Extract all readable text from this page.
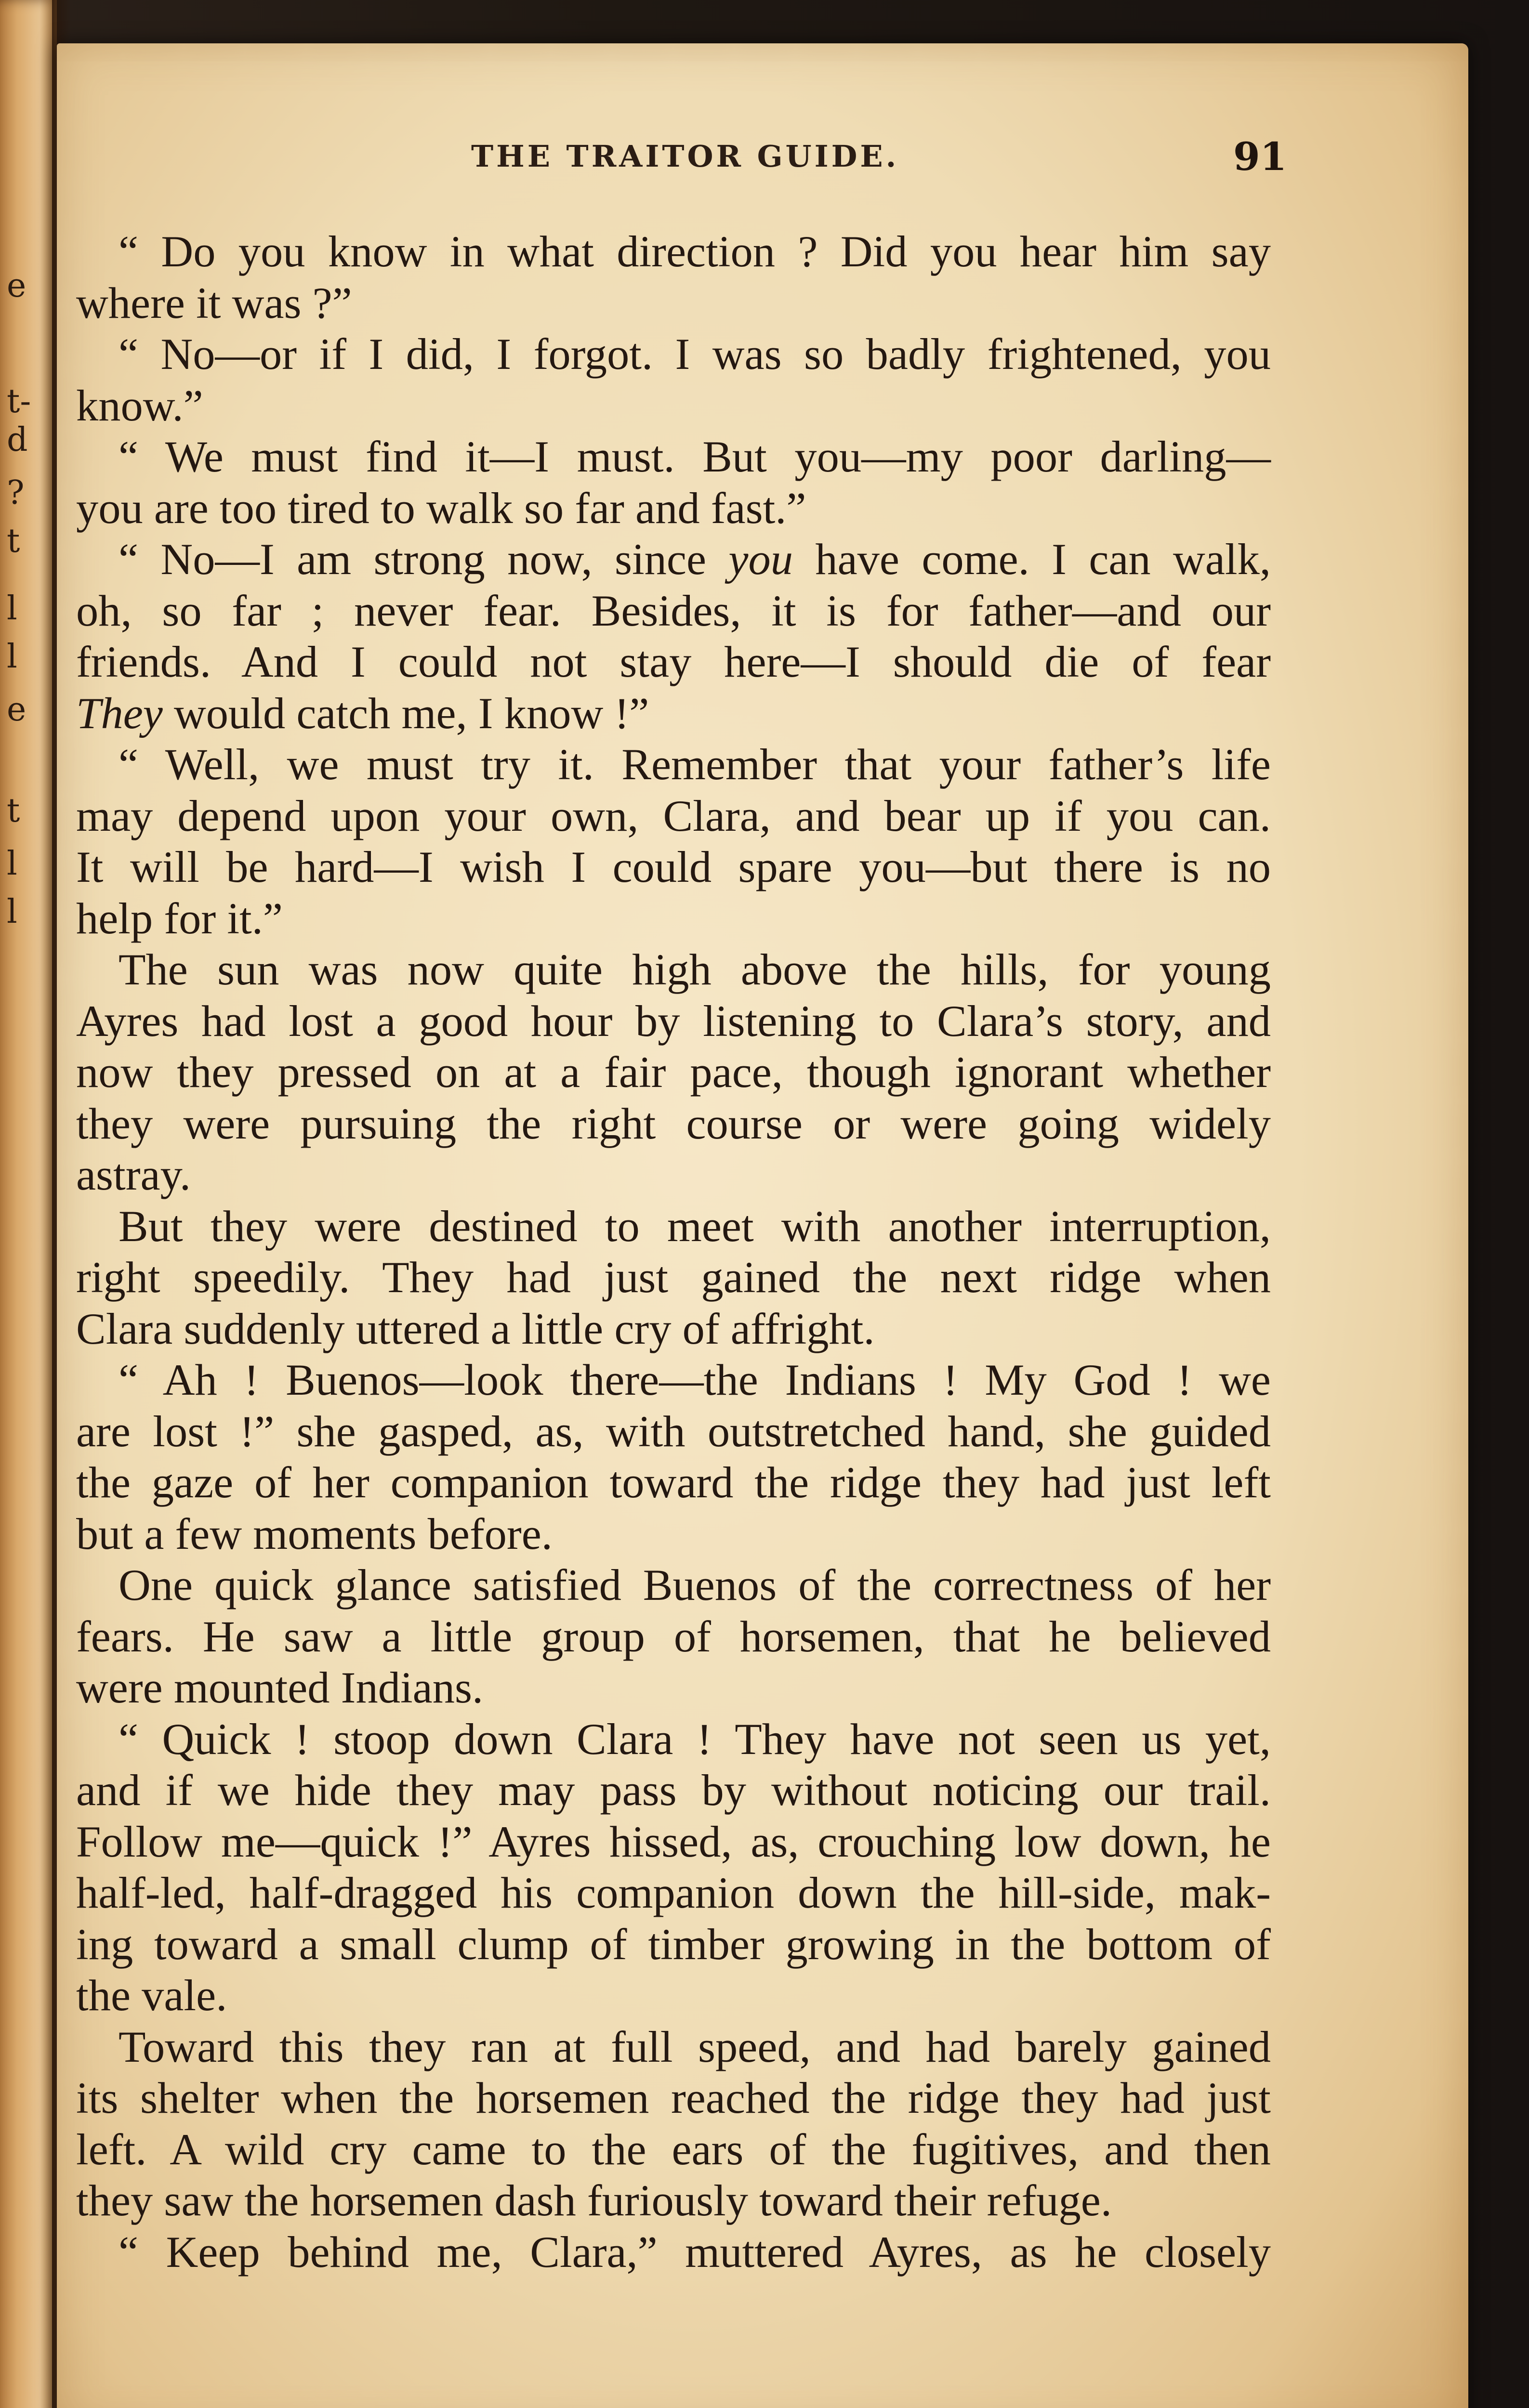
e
t-
d
?
t
l
l
e
t
l
l
THE TRAITOR GUIDE.	91
“ Do you know in what direction ? Did you hear him say
where it was ?”
“ No—or if I did, I forgot. I was so badly frightened, you
know.”
“ We must find it—I must. But you—my poor darling—
you are too tired to walk so far and fast.”
“ No—I am strong now, since you have come. I can walk,
oh, so far ; never fear. Besides, it is for father—and our
friends. And I could not stay here—I should die of fear
They would catch me, I know !”
“ Well, we must try it. Remember that your father’s life
may depend upon your own, Clara, and bear up if you can.
It will be hard—I wish I could spare you—but there is no
help for it.”
The sun was now quite high above the hills, for young
Ayres had lost a good hour by listening to Clara’s story, and
now they pressed on at a fair pace, though ignorant whether
they were pursuing the right course or were going widely
astray.
But they were destined to meet with another interruption,
right speedily. They had just gained the next ridge when
Clara suddenly uttered a little cry of affright.
“ Ah ! Buenos—look there—the Indians ! My God ! we
are lost !” she gasped, as, with outstretched hand, she guided
the gaze of her companion toward the ridge they had just left
but a few moments before.
One quick glance satisfied Buenos of the correctness of her
fears. He saw a little group of horsemen, that he believed
were mounted Indians.
“ Quick ! stoop down Clara ! They have not seen us yet,
and if we hide they may pass by without noticing our trail.
Follow me—quick !” Ayres hissed, as, crouching low down, he
half-led, half-dragged his companion down the hill-side, mak-
ing toward a small clump of timber growing in the bottom of
the vale.
Toward this they ran at full speed, and had barely gained
its shelter when the horsemen reached the ridge they had just
left. A wild cry came to the ears of the fugitives, and then
they saw the horsemen dash furiously toward their refuge.
“ Keep behind me, Clara,” muttered Ayres, as he closely
